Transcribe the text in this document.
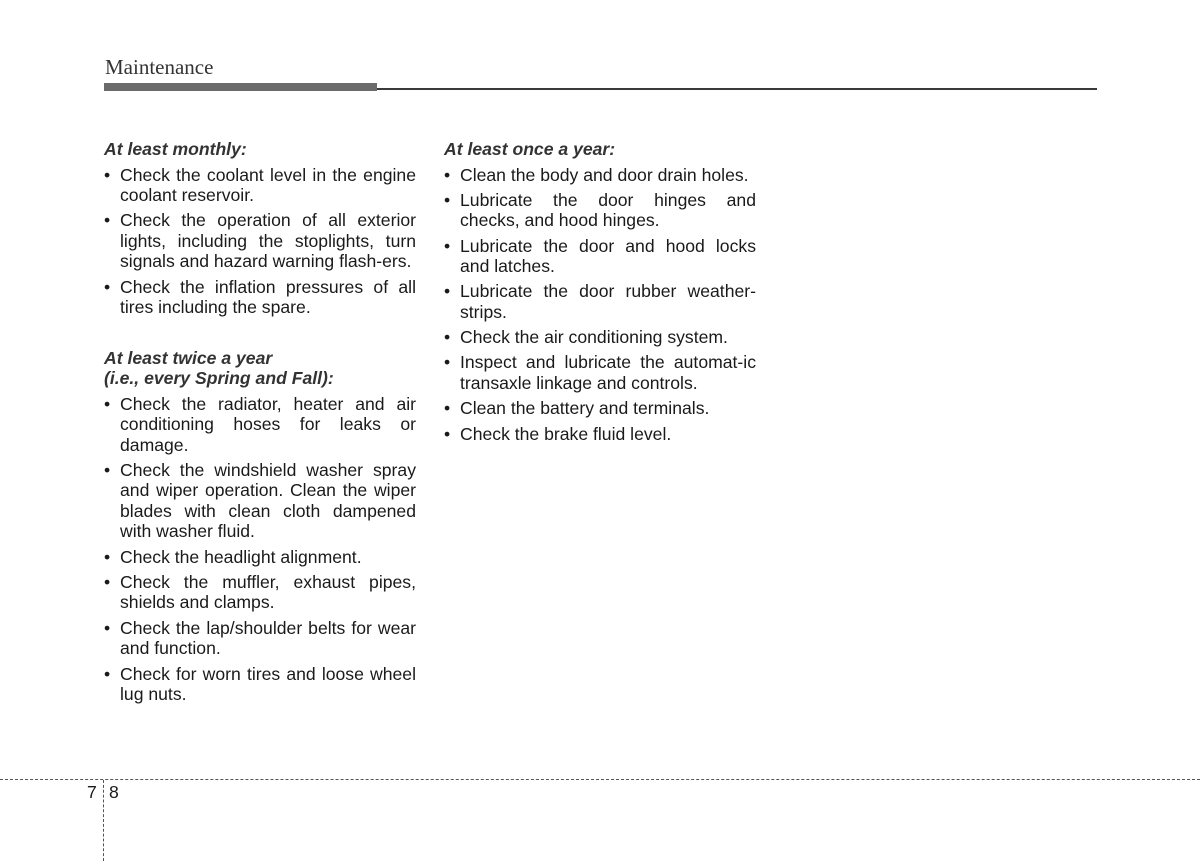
Maintenance
At least monthly:
• Check the coolant level in the engine coolant reservoir.
• Check the operation of all exterior lights, including the stoplights, turn signals and hazard warning flash-ers.
• Check the inflation pressures of all tires including the spare.
At least twice a year
(i.e., every Spring and Fall):
• Check the radiator, heater and air conditioning hoses for leaks or damage.
• Check the windshield washer spray and wiper operation. Clean the wiper blades with clean cloth dampened with washer fluid.
• Check the headlight alignment.
• Check the muffler, exhaust pipes, shields and clamps.
• Check the lap/shoulder belts for wear and function.
• Check for worn tires and loose wheel lug nuts.
At least once a year:
• Clean the body and door drain holes.
• Lubricate the door hinges and checks, and hood hinges.
• Lubricate the door and hood locks and latches.
• Lubricate the door rubber weather-strips.
• Check the air conditioning system.
• Inspect and lubricate the automat-ic transaxle linkage and controls.
• Clean the battery and terminals.
• Check the brake fluid level.
7 8
